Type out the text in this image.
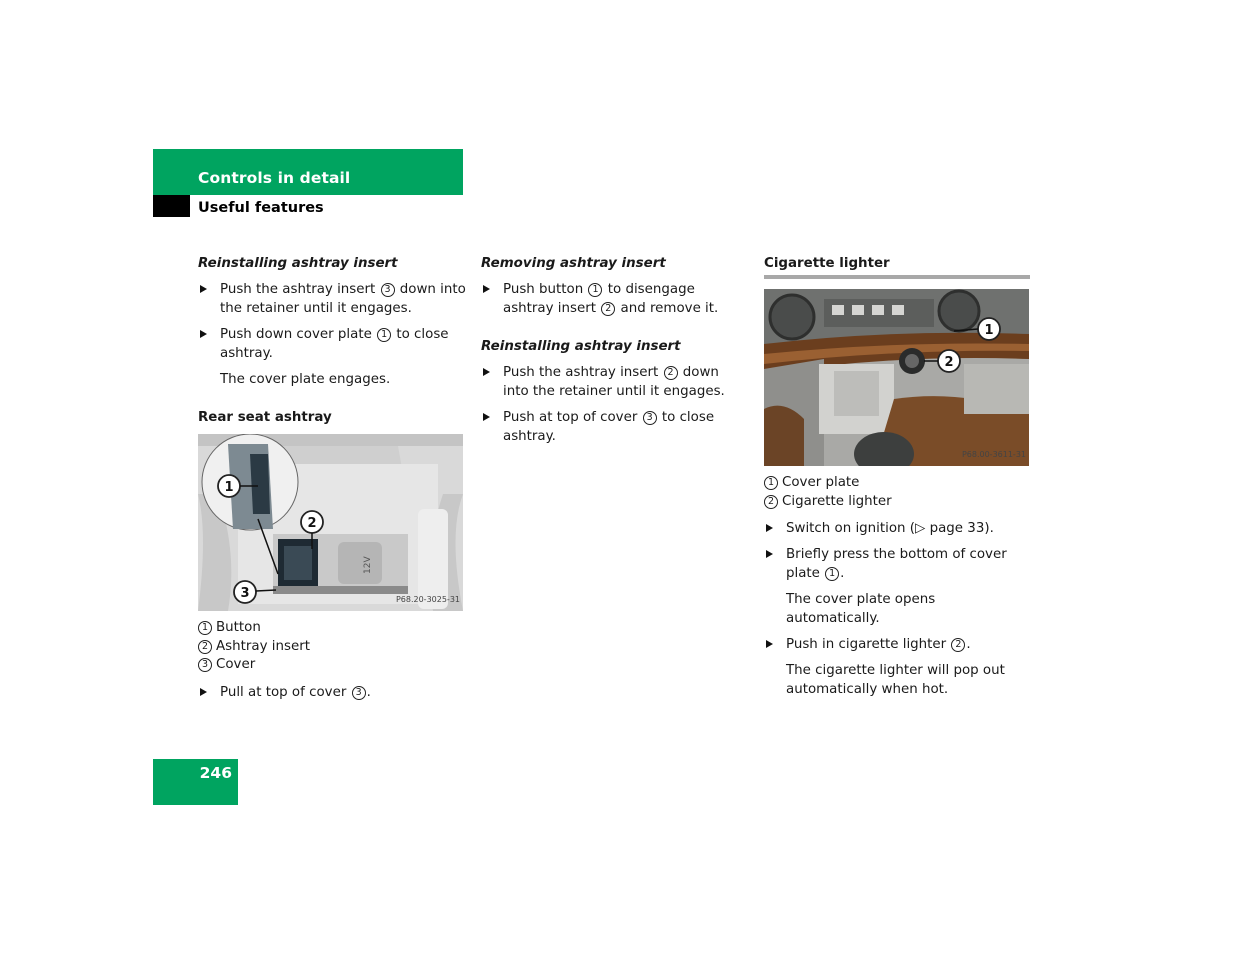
Controls in detail
Useful features

Reinstalling ashtray insert

Push the ashtray insert 3 down into the retainer until it engages.

Push down cover plate 1 to close ashtray.

The cover plate engages.

Rear seat ashtray

12V
1
2
3	P68.20-3025-31

1 Button

2 Ashtray insert

3 Cover

Pull at top of cover 3 .

Removing ashtray insert

Push button 1 to disengage ashtray insert 2 and remove it.

Reinstalling ashtray insert

Push the ashtray insert 2 down into the retainer until it engages.

Push at top of cover 3 to close ashtray.

Cigarette lighter

1
2
P68.00-3611-31

1 Cover plate

2 Cigarette lighter

Switch on ignition (▷ page 33).

Briefly press the bottom of cover plate 1 .

The cover plate opens automatically.

Push in cigarette lighter 2 .

The cigarette lighter will pop out automatically when hot.

246
